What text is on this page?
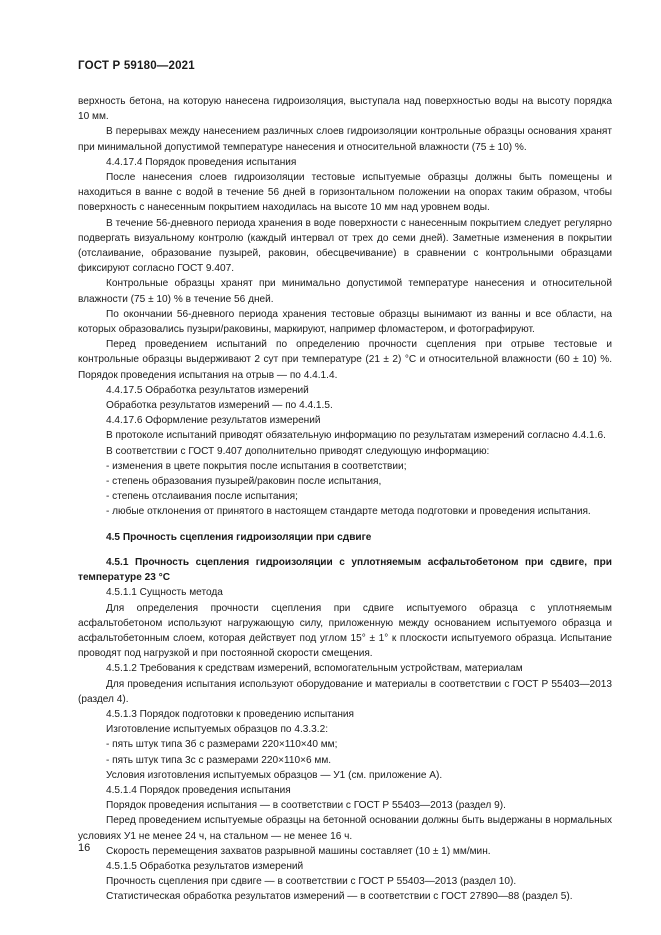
ГОСТ Р 59180—2021

верхность бетона, на которую нанесена гидроизоляция, выступала над поверхностью воды на высоту порядка 10 мм.

В перерывах между нанесением различных слоев гидроизоляции контрольные образцы основания хранят при минимальной допустимой температуре нанесения и относительной влажности (75 ± 10) %.

4.4.17.4 Порядок проведения испытания

После нанесения слоев гидроизоляции тестовые испытуемые образцы должны быть помещены и находиться в ванне с водой в течение 56 дней в горизонтальном положении на опорах таким образом, чтобы поверхность с нанесенным покрытием находилась на высоте 10 мм над уровнем воды.

В течение 56-дневного периода хранения в воде поверхности с нанесенным покрытием следует регулярно подвергать визуальному контролю (каждый интервал от трех до семи дней). Заметные изменения в покрытии (отслаивание, образование пузырей, раковин, обесцвечивание) в сравнении с контрольными образцами фиксируют согласно ГОСТ 9.407.

Контрольные образцы хранят при минимально допустимой температуре нанесения и относительной влажности (75 ± 10) % в течение 56 дней.

По окончании 56-дневного периода хранения тестовые образцы вынимают из ванны и все области, на которых образовались пузыри/раковины, маркируют, например фломастером, и фотографируют.

Перед проведением испытаний по определению прочности сцепления при отрыве тестовые и контрольные образцы выдерживают 2 сут при температуре (21 ± 2) °С и относительной влажности (60 ± 10) %. Порядок проведения испытания на отрыв — по 4.4.1.4.

4.4.17.5 Обработка результатов измерений

Обработка результатов измерений — по 4.4.1.5.

4.4.17.6 Оформление результатов измерений

В протоколе испытаний приводят обязательную информацию по результатам измерений согласно 4.4.1.6.

В соответствии с ГОСТ 9.407 дополнительно приводят следующую информацию:

- изменения в цвете покрытия после испытания в соответствии;

- степень образования пузырей/раковин после испытания,

- степень отслаивания после испытания;

- любые отклонения от принятого в настоящем стандарте метода подготовки и проведения испытания.

4.5 Прочность сцепления гидроизоляции при сдвиге

4.5.1 Прочность сцепления гидроизоляции с уплотняемым асфальтобетоном при сдвиге, при температуре 23 °С

4.5.1.1 Сущность метода

Для определения прочности сцепления при сдвиге испытуемого образца с уплотняемым асфальтобетоном используют нагружающую силу, приложенную между основанием испытуемого образца и асфальтобетонным слоем, которая действует под углом 15° ± 1° к плоскости испытуемого образца. Испытание проводят под нагрузкой и при постоянной скорости смещения.

4.5.1.2 Требования к средствам измерений, вспомогательным устройствам, материалам

Для проведения испытания используют оборудование и материалы в соответствии с ГОСТ Р 55403—2013 (раздел 4).

4.5.1.3 Порядок подготовки к проведению испытания

Изготовление испытуемых образцов по 4.3.3.2:

- пять штук типа 3б с размерами 220×110×40 мм;

- пять штук типа 3с с размерами 220×110×6 мм.

Условия изготовления испытуемых образцов — У1 (см. приложение А).

4.5.1.4 Порядок проведения испытания

Порядок проведения испытания — в соответствии с ГОСТ Р 55403—2013 (раздел 9).

Перед проведением испытуемые образцы на бетонной основании должны быть выдержаны в нормальных условиях У1 не менее 24 ч, на стальном — не менее 16 ч.

Скорость перемещения захватов разрывной машины составляет (10 ± 1) мм/мин.

4.5.1.5 Обработка результатов измерений

Прочность сцепления при сдвиге — в соответствии с ГОСТ Р 55403—2013 (раздел 10).

Статистическая обработка результатов измерений — в соответствии с ГОСТ 27890—88 (раздел 5).

16
